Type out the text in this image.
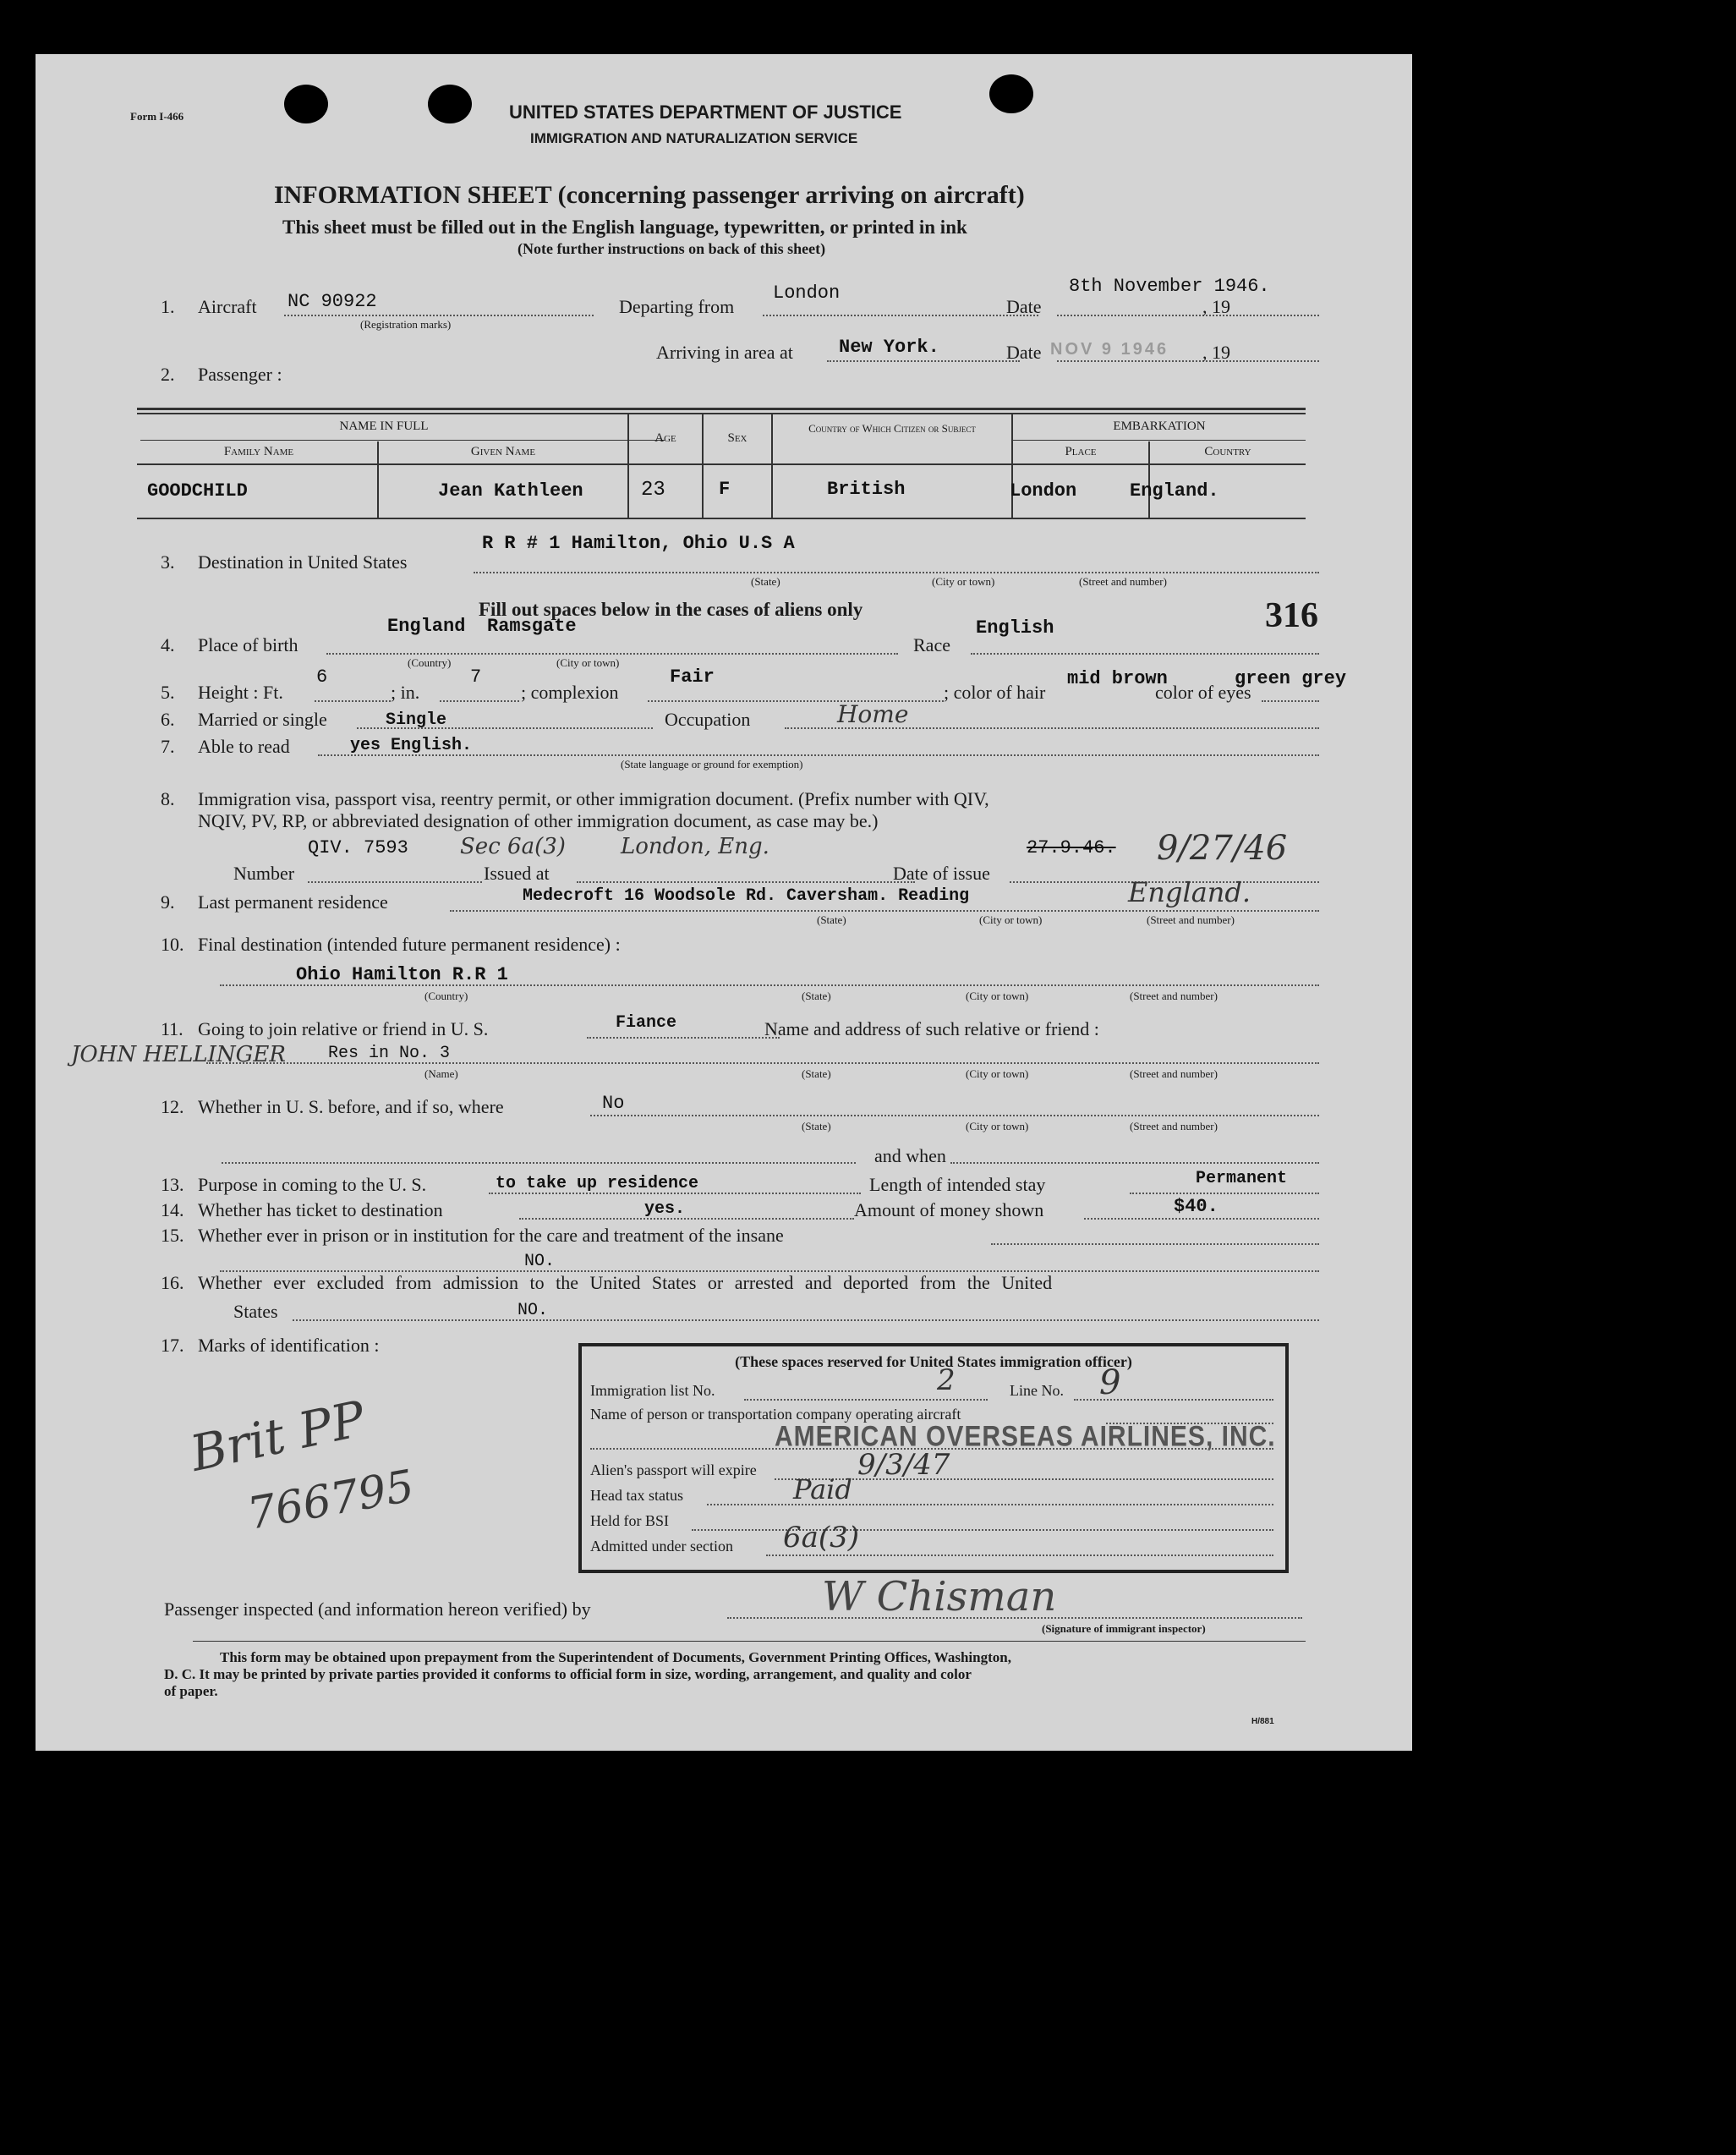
Form I-466	UNITED STATES DEPARTMENT OF JUSTICE
IMMIGRATION AND NATURALIZATION SERVICE
INFORMATION SHEET (concerning passenger arriving on aircraft)
This sheet must be filled out in the English language, typewritten, or printed in ink
(Note further instructions on back of this sheet)
1. Aircraft NC 90922
(Registration marks)
Departing from
London
Date
8th November 1946.
, 19
Arriving in area at New York.	Date NOV 9 1946 , 19
2. Passenger :
NAME IN FULL
Family Name	Given Name
Age	Sex
Country of Which Citizen or Subject	EMBARKATION
Place	Country
GOODCHILD	Jean Kathleen	23	F	British	London	England.
3. Destination in United States
R R # 1 Hamilton, Ohio U.S A
(State)	(City or town)	(Street and number)
Fill out spaces below in the cases of aliens only	316
4. Place of birth
England Ramsgate
(Country)	(City or town)
Race
English
5. Height : Ft.
6
; in.
7
; complexion
Fair
; color of hair
mid brown
color of eyes
green grey
6. Married or single	Single	Occupation	Home
7. Able to read	yes English.
(State language or ground for exemption)
8. Immigration visa, passport visa, reentry permit, or other immigration document. (Prefix number with QIV,
NQIV, PV, RP, or abbreviated designation of other immigration document, as case may be.)
QIV. 7593 Sec 6a(3)	London, Eng.	27.9.46. 9/27/46
Number	Issued at	Date of issue
9. Last permanent residence	Medecroft 16 Woodsole Rd. Caversham. Reading	England.
(State)	(City or town)	(Street and number)
10. Final destination (intended future permanent residence) :
Ohio Hamilton R.R 1
(Country)	(State)	(City or town)	(Street and number)
11. Going to join relative or friend in U. S.	Fiance	Name and address of such relative or friend :
JOHN HELLINGER	Res in No. 3
(Name)	(State)	(City or town)	(Street and number)
12. Whether in U. S. before, and if so, where	No
(State)	(City or town)	(Street and number)
and when
13. Purpose in coming to the U. S.	to take up residence	Length of intended stay	Permanent
14. Whether has ticket to destination	yes.	Amount of money shown	$40.
15. Whether ever in prison or in institution for the care and treatment of the insane
NO.
16. Whether ever excluded from admission to the United States or arrested and deported from the United
States	NO.
17. Marks of identification :
Brit PP
766795
(These spaces reserved for United States immigration officer)
Immigration list No.	2	Line No. 9
Name of person or transportation company operating aircraft
AMERICAN OVERSEAS AIRLINES, INC.
Alien's passport will expire	9/3/47
Head tax status	Paid
Held for BSI
Admitted under section 6a(3)
Passenger inspected (and information hereon verified) by	W Chisman
(Signature of immigrant inspector)
This form may be obtained upon prepayment from the Superintendent of Documents, Government Printing Offices, Washington,
D. C. It may be printed by private parties provided it conforms to official form in size, wording, arrangement, and quality and color
of paper.
H/881
